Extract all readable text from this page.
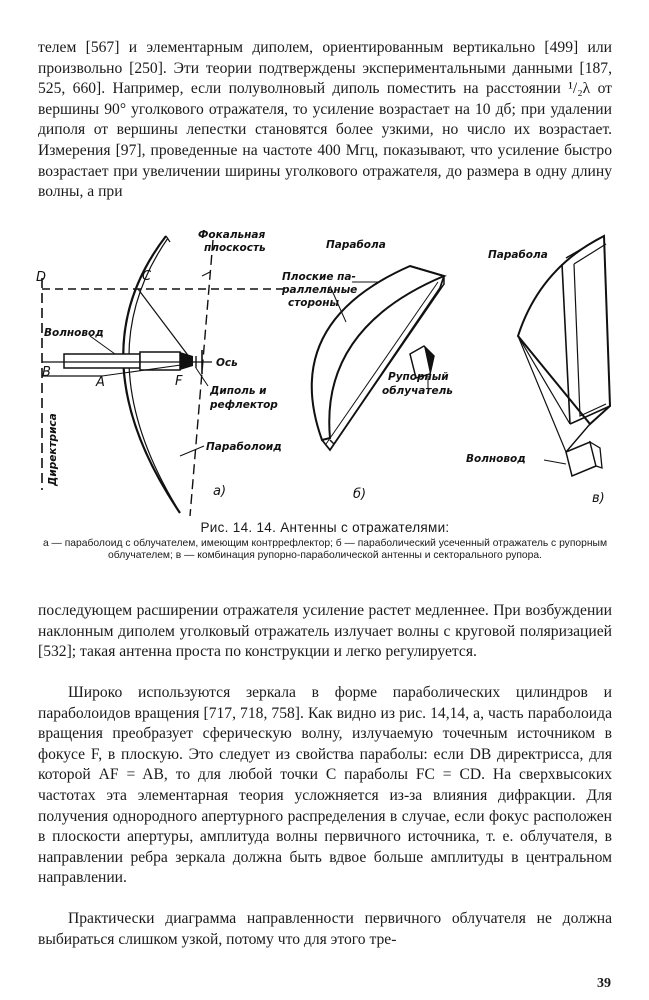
телем [567] и элементарным диполем, ориентированным вертикально [499] или произвольно [250]. Эти теории подтверждены экспериментальными данными [187, 525, 660]. Например, если полуволновый диполь поместить на расстоянии ¹/₂λ от вершины 90° уголкового отражателя, то усиление возрастает на 10 дб; при удалении диполя от вершины лепестки становятся более узкими, но число их возрастает. Измерения [97], проведенные на частоте 400 Мгц, показывают, что усиление быстро возрастает при увеличении ширины уголкового отражателя, до размера в одну длину волны, а при

Фокальная
плоскость
D	C
Волновод
B
A	F
Ось
Диполь и
рефлектор
Директриса	Параболоид
а)
Парабола
Плоские па-
раллельные
стороны
Рупорный
облучатель
б)
Парабола
Волновод
в)
Рис. 14. 14. Антенны с отражателями:
а — параболоид с облучателем, имеющим контррефлектор; б — параболический усеченный отражатель с рупорным облучателем; в — комбинация рупорно-параболической антенны и секторального рупора.

последующем расширении отражателя усиление растет медленнее. При возбуждении наклонным диполем уголковый отражатель излучает волны с круговой поляризацией [532]; такая антенна проста по конструкции и легко регулируется.

Широко используются зеркала в форме параболических цилиндров и параболоидов вращения [717, 718, 758]. Как видно из рис. 14,14, а, часть параболоида вращения преобразует сферическую волну, излучаемую точечным источником в фокусе F, в плоскую. Это следует из свойства параболы: если DB директрисса, для которой AF = AB, то для любой точки C параболы FC = CD. На сверхвысоких частотах эта элементарная теория усложняется из-за влияния дифракции. Для получения однородного апертурного распределения в случае, если фокус расположен в плоскости апертуры, амплитуда волны первичного источника, т. е. облучателя, в направлении ребра зеркала должна быть вдвое больше амплитуды в центральном направлении.

Практически диаграмма направленности первичного облучателя не должна выбираться слишком узкой, потому что для этого тре-

39
